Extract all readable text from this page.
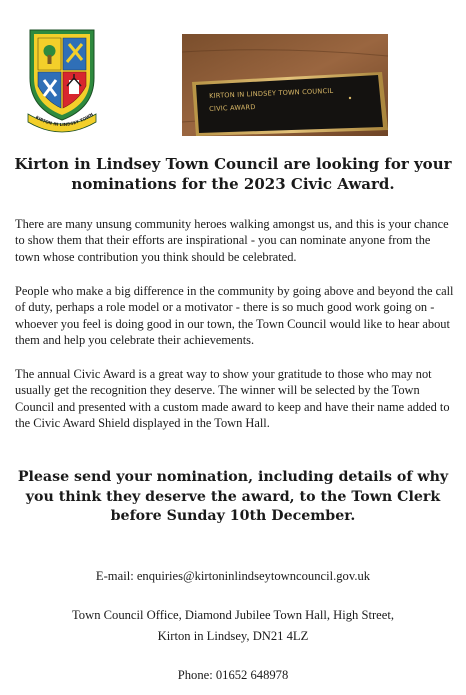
KIRTON IN LINDSEY TOWN
KIRTON IN LINDSEY TOWN COUNCIL
CIVIC AWARD
Kirton in Lindsey Town Council are looking for your nominations for the 2023 Civic Award.

There are many unsung community heroes walking amongst us, and this is your chance to show them that their efforts are inspirational - you can nominate anyone from the town whose contribution you think should be celebrated.

People who make a big difference in the community by going above and beyond the call of duty, perhaps a role model or a motivator - there is so much good work going on - whoever you feel is doing good in our town, the Town Council would like to hear about them and help you celebrate their achievements.

The annual Civic Award is a great way to show your gratitude to those who may not usually get the recognition they deserve. The winner will be selected by the Town Council and presented with a custom made award to keep and have their name added to the Civic Award Shield displayed in the Town Hall.

Please send your nomination, including details of why you think they deserve the award, to the Town Clerk before Sunday 10th December.

E-mail: enquiries@kirtoninlindseytowncouncil.gov.uk

Town Council Office, Diamond Jubilee Town Hall, High Street,

Kirton in Lindsey, DN21 4LZ

Phone: 01652 648978
